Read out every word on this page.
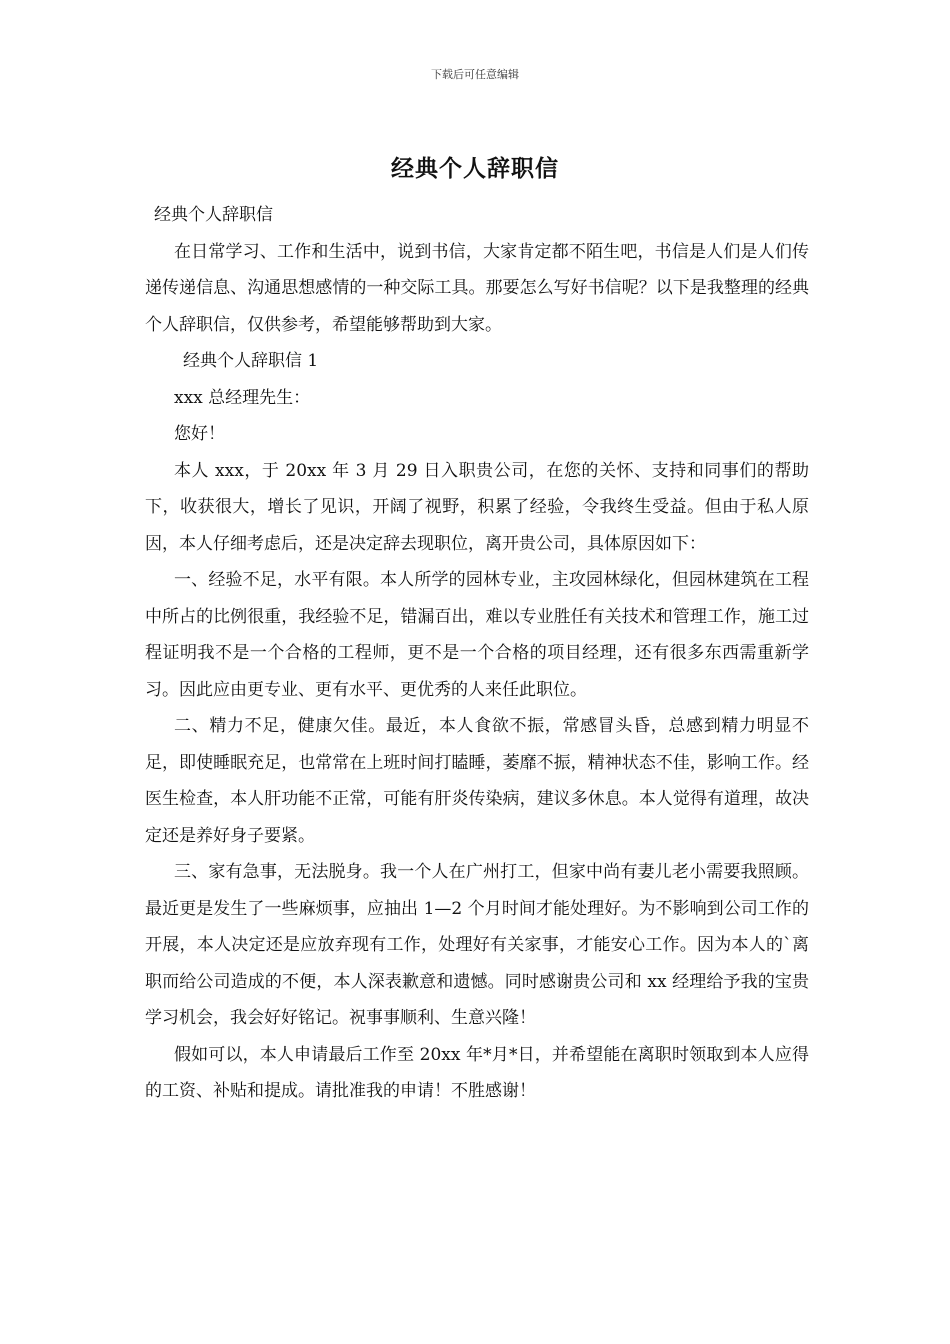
下载后可任意编辑
经典个人辞职信

经典个人辞职信

在日常学习、工作和生活中，说到书信，大家肯定都不陌生吧，书信是人们是人们传递传递信息、沟通思想感情的一种交际工具。那要怎么写好书信呢？以下是我整理的经典个人辞职信，仅供参考，希望能够帮助到大家。

经典个人辞职信 1

xxx 总经理先生：

您好！

本人 xxx，于 20xx 年 3 月 29 日入职贵公司，在您的关怀、支持和同事们的帮助下，收获很大，增长了见识，开阔了视野，积累了经验，令我终生受益。但由于私人原因，本人仔细考虑后，还是决定辞去现职位，离开贵公司，具体原因如下：

一、经验不足，水平有限。本人所学的园林专业，主攻园林绿化，但园林建筑在工程中所占的比例很重，我经验不足，错漏百出，难以专业胜任有关技术和管理工作，施工过程证明我不是一个合格的工程师，更不是一个合格的项目经理，还有很多东西需重新学习。因此应由更专业、更有水平、更优秀的人来任此职位。

二、精力不足，健康欠佳。最近，本人食欲不振，常感冒头昏，总感到精力明显不足，即使睡眠充足，也常常在上班时间打瞌睡，萎靡不振，精神状态不佳，影响工作。经医生检查，本人肝功能不正常，可能有肝炎传染病，建议多休息。本人觉得有道理，故决定还是养好身子要紧。

三、家有急事，无法脱身。我一个人在广州打工，但家中尚有妻儿老小需要我照顾。最近更是发生了一些麻烦事，应抽出 1—2 个月时间才能处理好。为不影响到公司工作的开展，本人决定还是应放弃现有工作，处理好有关家事，才能安心工作。因为本人的`离职而给公司造成的不便，本人深表歉意和遗憾。同时感谢贵公司和 xx 经理给予我的宝贵学习机会，我会好好铭记。祝事事顺利、生意兴隆！

假如可以，本人申请最后工作至 20xx 年*月*日，并希望能在离职时领取到本人应得的工资、补贴和提成。请批准我的申请！不胜感谢！
